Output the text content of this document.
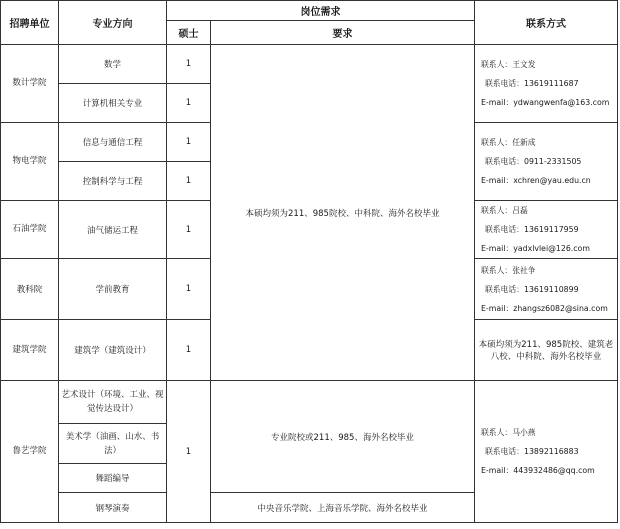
招聘单位	专业方向	岗位需求		联系方式	
		硕士	要求		
数计学院	数学	1	本硕均须为211、985院校、中科院、海外名校毕业	联系人：王文发
联系电话：13619111687
E-mail：ydwangwenfa@163.com	

	计算机相关专业	1			
物电学院	信息与通信工程	1		联系人：任新成
联系电话：0911-2331505
E-mail：xchren@yau.edu.cn	

	控制科学与工程	1			
石油学院	油气储运工程	1		联系人：吕磊
联系电话：13619117959
E-mail：yadxlvlei@126.com	

教科院	学前教育	1		联系人：张社争
联系电话：13619110899
E-mail：zhangsz6082@sina.com	

建筑学院	建筑学（建筑设计）	1		本硕均须为211、985院校、建筑老八校、中科院、海外名校毕业	

鲁艺学院	艺术设计（环境、工业、视觉传达设计）	1	专业院校或211、985、海外名校毕业	联系人：马小燕
联系电话：13892116883
E-mail：443932486@qq.com	

	美术学（油画、山水、书法）				
	舞蹈编导				
	钢琴演奏		中央音乐学院、上海音乐学院、海外名校毕业		
